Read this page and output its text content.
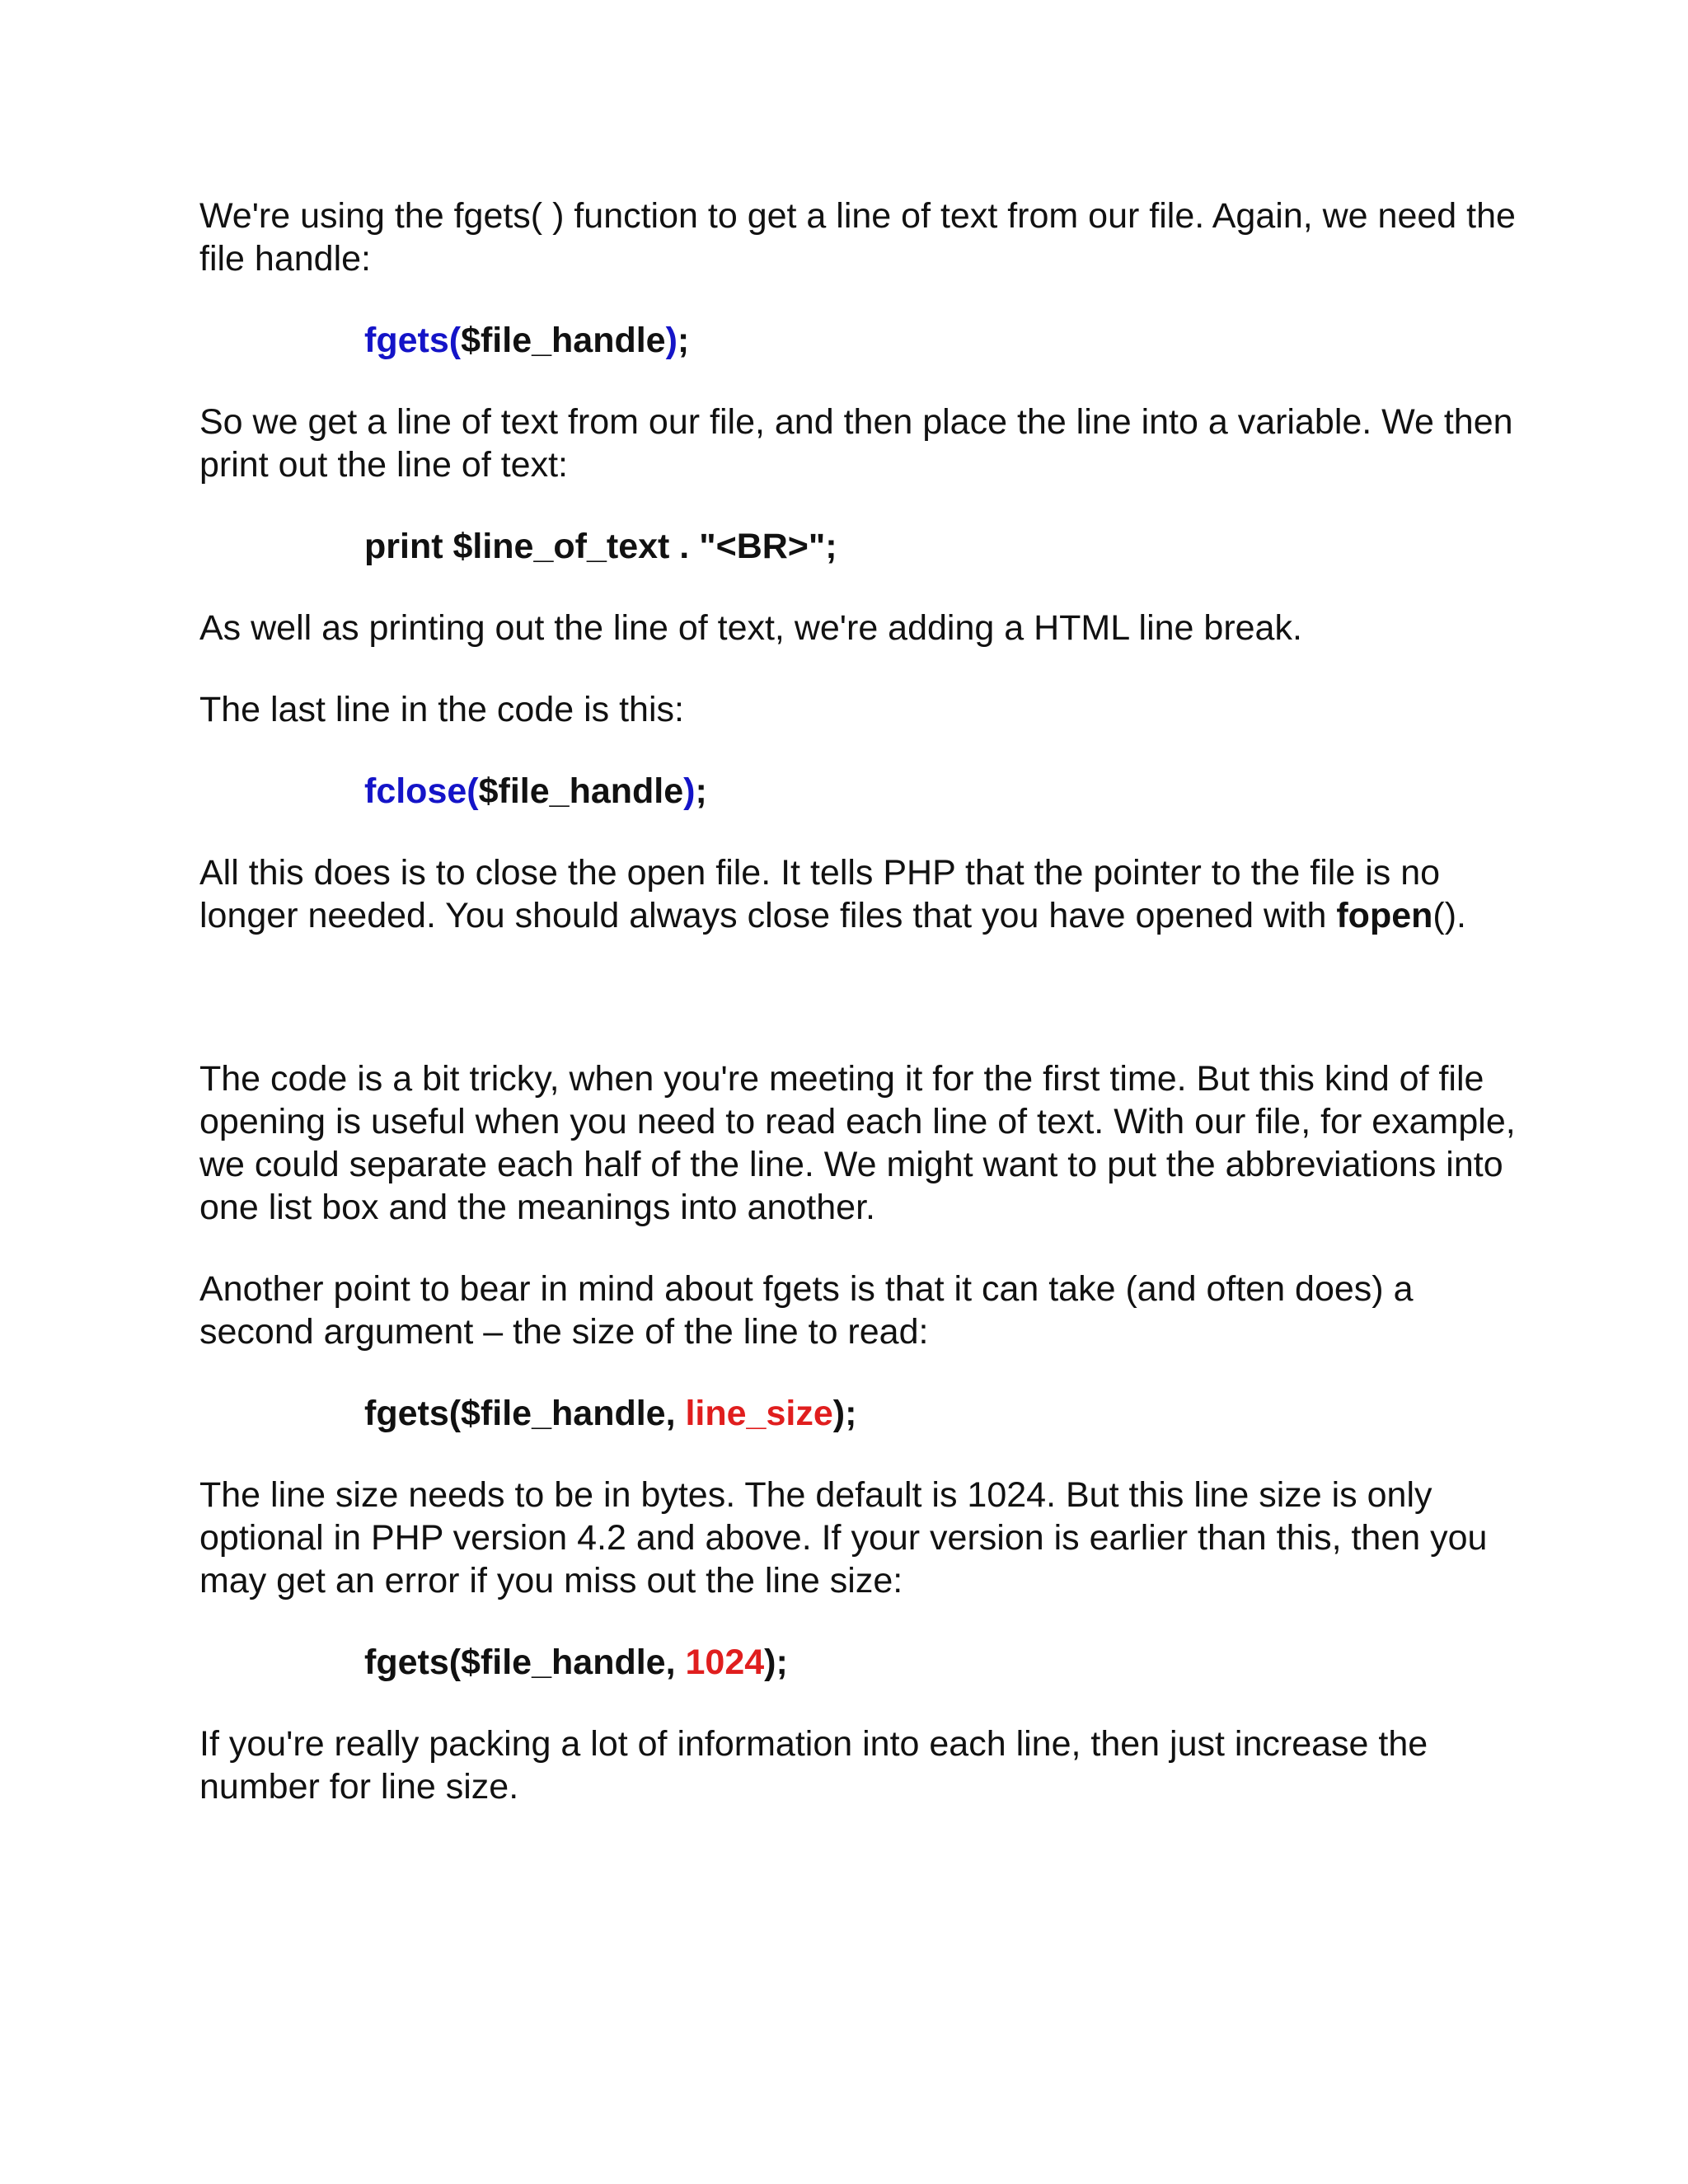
We're using the fgets( ) function to get a line of text from our file. Again, we need the file handle:

fgets($file_handle);

So we get a line of text from our file, and then place the line into a variable. We then print out the line of text:

print $line_of_text . "<BR>";

As well as printing out the line of text, we're adding a HTML line break.

The last line in the code is this:

fclose($file_handle);

All this does is to close the open file. It tells PHP that the pointer to the file is no longer needed. You should always close files that you have opened with fopen().

The code is a bit tricky, when you're meeting it for the first time. But this kind of file opening is useful when you need to read each line of text. With our file, for example, we could separate each half of the line. We might want to put the abbreviations into one list box and the meanings into another.

Another point to bear in mind about fgets is that it can take (and often does) a second argument – the size of the line to read:

fgets($file_handle, line_size);

The line size needs to be in bytes. The default is 1024. But this line size is only optional in PHP version 4.2 and above. If your version is earlier than this, then you may get an error if you miss out the line size:

fgets($file_handle, 1024);

If you're really packing a lot of information into each line, then just increase the number for line size.
